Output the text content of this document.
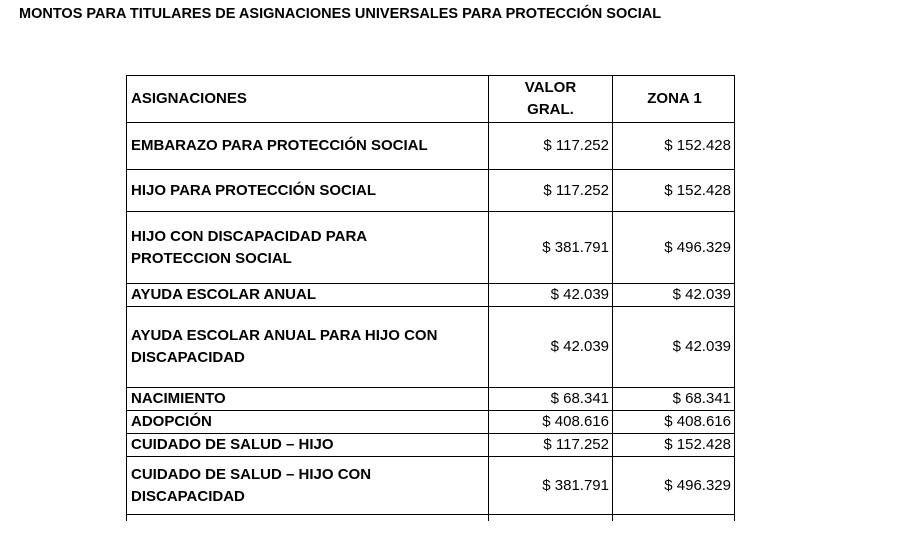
MONTOS PARA TITULARES DE ASIGNACIONES UNIVERSALES PARA PROTECCIÓN SOCIAL
ASIGNACIONES	VALOR GRAL.	ZONA 1
EMBARAZO PARA PROTECCIÓN SOCIAL	$ 117.252	$ 152.428
HIJO PARA PROTECCIÓN SOCIAL	$ 117.252	$ 152.428
HIJO CON DISCAPACIDAD PARA PROTECCION SOCIAL	$ 381.791	$ 496.329
AYUDA ESCOLAR ANUAL	$ 42.039	$ 42.039
AYUDA ESCOLAR ANUAL PARA HIJO CON DISCAPACIDAD	$ 42.039	$ 42.039
NACIMIENTO	$ 68.341	$ 68.341
ADOPCIÓN	$ 408.616	$ 408.616
CUIDADO DE SALUD – HIJO	$ 117.252	$ 152.428
CUIDADO DE SALUD – HIJO CON DISCAPACIDAD	$ 381.791	$ 496.329
